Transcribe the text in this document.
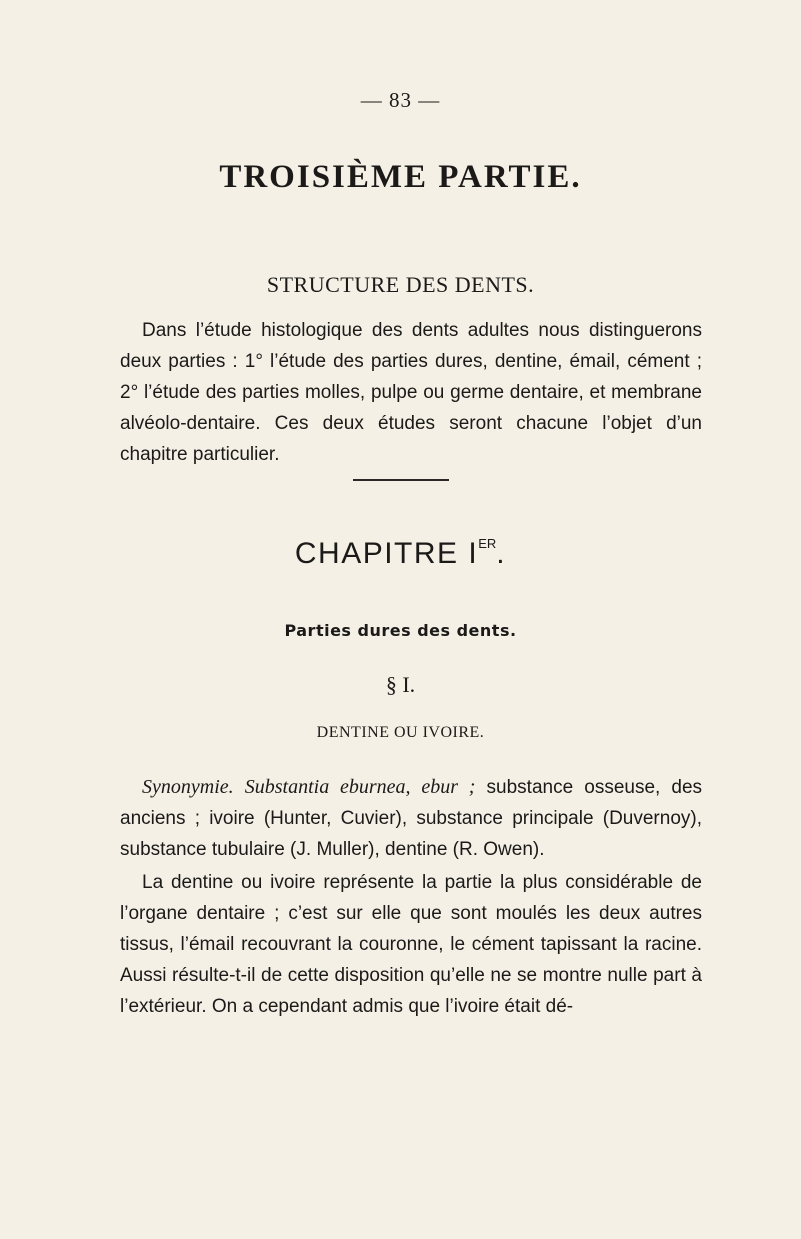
— 83 —
TROISIÈME PARTIE.
STRUCTURE DES DENTS.

Dans l’étude histologique des dents adultes nous distinguerons deux parties : 1° l’étude des parties dures, dentine, émail, cément ; 2° l’étude des parties molles, pulpe ou germe dentaire, et membrane alvéolo-dentaire. Ces deux études seront chacune l’objet d’un chapitre particulier.

CHAPITRE IER.
Parties dures des dents.
§ I.
DENTINE OU IVOIRE.

Synonymie. Substantia eburnea, ebur ; substance osseuse, des anciens ; ivoire (Hunter, Cuvier), substance principale (Duvernoy), substance tubulaire (J. Muller), dentine (R. Owen).

La dentine ou ivoire représente la partie la plus considérable de l’organe dentaire ; c’est sur elle que sont moulés les deux autres tissus, l’émail recouvrant la couronne, le cément tapissant la racine. Aussi résulte-t-il de cette disposition qu’elle ne se montre nulle part à l’extérieur. On a cependant admis que l’ivoire était dé-
